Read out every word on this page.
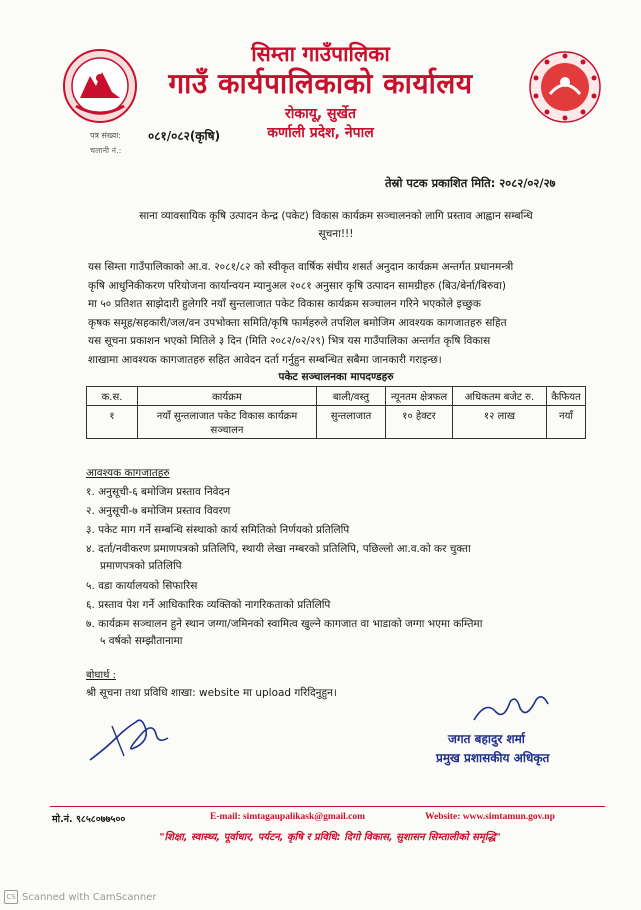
सिम्ता गाउँपालिका
गाउँ कार्यपालिकाको कार्यालय
रोकायू, सुर्खेत
कर्णाली प्रदेश, नेपाल
पत्र संख्या: ०८१/०८२(कृषि)
चलानी नं.:
तेस्रो पटक प्रकाशित मिति: २०८२/०२/२७
साना व्यावसायिक कृषि उत्पादन केन्द्र (पकेट) विकास कार्यक्रम सञ्चालनको लागि प्रस्ताव आह्वान सम्बन्धि
सूचना!!!
यस सिम्ता गाउँपालिकाको आ.व. २०८१/८२ को स्वीकृत वार्षिक संघीय शसर्त अनुदान कार्यक्रम अन्तर्गत प्रधानमन्त्री
कृषि आधुनिकीकरण परियोजना कार्यान्वयन म्यानुअल २०८१ अनुसार कृषि उत्पादन सामग्रीहरु (बिउ/बेर्ना/बिरुवा)
मा ५० प्रतिशत साझेदारी हुलेगरि नयाँ सुन्तलाजात पकेट विकास कार्यक्रम सञ्चालन गरिने भएकोले इच्छुक
कृषक समूह/सहकारी/जल/वन उपभोक्ता समिति/कृषि फार्महरुले तपशिल बमोजिम आवश्यक कागजातहरु सहित
यस सूचना प्रकाशन भएको मितिले ३ दिन (मिति २०८२/०२/२९) भित्र यस गाउँपालिका अन्तर्गत कृषि विकास
शाखामा आवश्यक कागजातहरु सहित आवेदन दर्ता गर्नुहुन सम्बन्धित सबैमा जानकारी गराइन्छ।
पकेट सञ्चालनका मापदण्डहरु
क.स.	कार्यक्रम	बाली/वस्तु	न्यूनतम क्षेत्रफल	अधिकतम बजेट रु.	कैफियत
१	नयाँ सुन्तलाजात पकेट विकास कार्यक्रम सञ्चालन	सुन्तलाजात	१० हेक्टर	१२ लाख	नयाँ
आवश्यक कागजातहरु
१. अनुसूची-६ बमोजिम प्रस्ताव निवेदन
२. अनुसूची-७ बमोजिम प्रस्ताव विवरण
३. पकेट माग गर्ने सम्बन्धि संस्थाको कार्य समितिको निर्णयको प्रतिलिपि
४. दर्ता/नवीकरण प्रमाणपत्रको प्रतिलिपि, स्थायी लेखा नम्बरको प्रतिलिपि, पछिल्लो आ.व.को कर चुक्ता
प्रमाणपत्रको प्रतिलिपि
५. वडा कार्यालयको सिफारिस
६. प्रस्ताव पेश गर्ने आधिकारिक व्यक्तिको नागरिकताको प्रतिलिपि
७. कार्यक्रम सञ्चालन हुने स्थान जग्गा/जमिनको स्वामित्व खुल्ने कागजात वा भाडाको जग्गा भएमा कम्तिमा
५ वर्षको सम्झौतानामा
बोधार्थ :
श्री सूचना तथा प्रविधि शाखा: website मा upload गरिदिनुहुन।
जगत बहादुर शर्मा
प्रमुख प्रशासकीय अधिकृत
मो.नं. ९८५८०७७५००	E-mail: simtagaupalikask@gmail.com	Website: www.simtamun.gov.np
"शिक्षा, स्वास्थ्य, पूर्वाधार, पर्यटन, कृषि र प्रविधि: दिगो विकास, सुशासन सिम्तालीको समृद्धि"
CS Scanned with CamScanner
